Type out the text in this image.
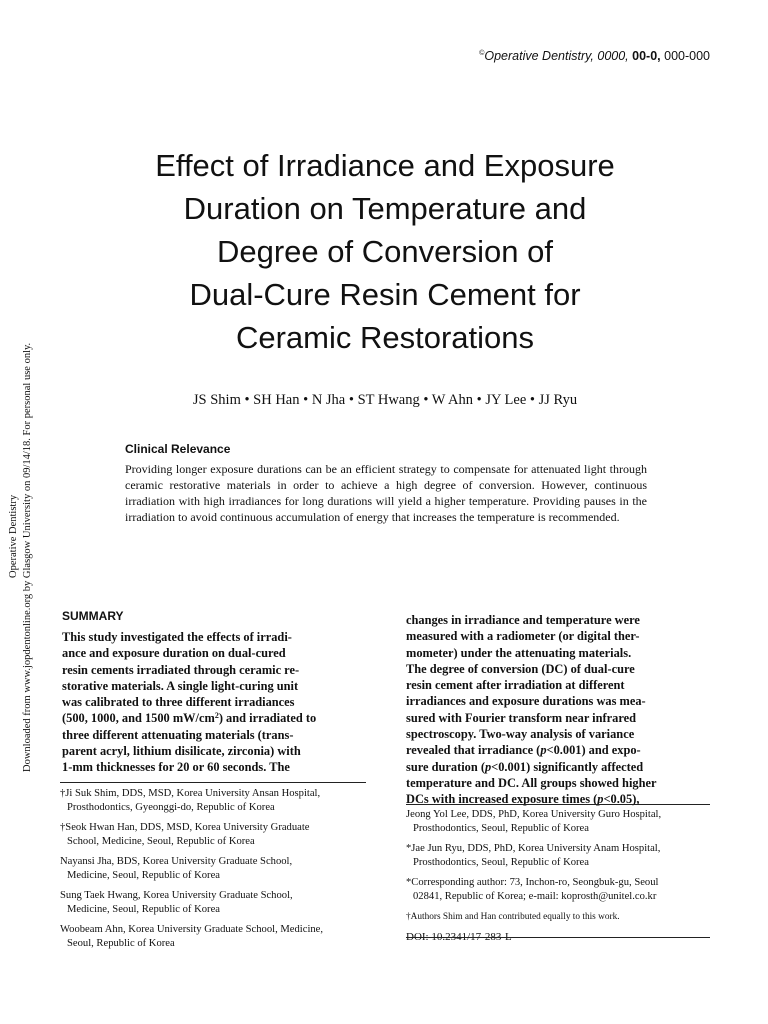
©Operative Dentistry, 0000, 00-0, 000-000
Operative Dentistry Downloaded from www.jopdentonline.org by Glasgow University on 09/14/18. For personal use only.
Effect of Irradiance and Exposure
Duration on Temperature and
Degree of Conversion of
Dual-Cure Resin Cement for
Ceramic Restorations
JS Shim • SH Han • N Jha • ST Hwang • W Ahn • JY Lee • JJ Ryu
Clinical Relevance

Providing longer exposure durations can be an efficient strategy to compensate for attenuated light through ceramic restorative materials in order to achieve a high degree of conversion. However, continuous irradiation with high irradiances for long durations will yield a higher temperature. Providing pauses in the irradiation to avoid continuous accumulation of energy that increases the temperature is recommended.

SUMMARY

This study investigated the effects of irradi-
ance and exposure duration on dual-cured
resin cements irradiated through ceramic re-
storative materials. A single light-curing unit
was calibrated to three different irradiances
(500, 1000, and 1500 $mW/cm^2$) and irradiated to
three different attenuating materials (trans-
parent acryl, lithium disilicate, zirconia) with
1-mm thicknesses for 20 or 60 seconds. The

changes in irradiance and temperature were
measured with a radiometer (or digital ther-
mometer) under the attenuating materials.
The degree of conversion (DC) of dual-cure
resin cement after irradiation at different
irradiances and exposure durations was mea-
sured with Fourier transform near infrared
spectroscopy. Two-way analysis of variance
revealed that irradiance (p<0.001) and expo-
sure duration (p<0.001) significantly affected
temperature and DC. All groups showed higher
DCs with increased exposure times (p<0.05),

†Ji Suk Shim, DDS, MSD, Korea University Ansan Hospital,
Prosthodontics, Gyeonggi-do, Republic of Korea

†Seok Hwan Han, DDS, MSD, Korea University Graduate
School, Medicine, Seoul, Republic of Korea

Nayansi Jha, BDS, Korea University Graduate School,
Medicine, Seoul, Republic of Korea

Sung Taek Hwang, Korea University Graduate School,
Medicine, Seoul, Republic of Korea

Woobeam Ahn, Korea University Graduate School, Medicine,
Seoul, Republic of Korea

Jeong Yol Lee, DDS, PhD, Korea University Guro Hospital,
Prosthodontics, Seoul, Republic of Korea

*Jae Jun Ryu, DDS, PhD, Korea University Anam Hospital,
Prosthodontics, Seoul, Republic of Korea

*Corresponding author: 73, Inchon-ro, Seongbuk-gu, Seoul
02841, Republic of Korea; e-mail: koprosth@unitel.co.kr

†Authors Shim and Han contributed equally to this work.

DOI: 10.2341/17-283-L
